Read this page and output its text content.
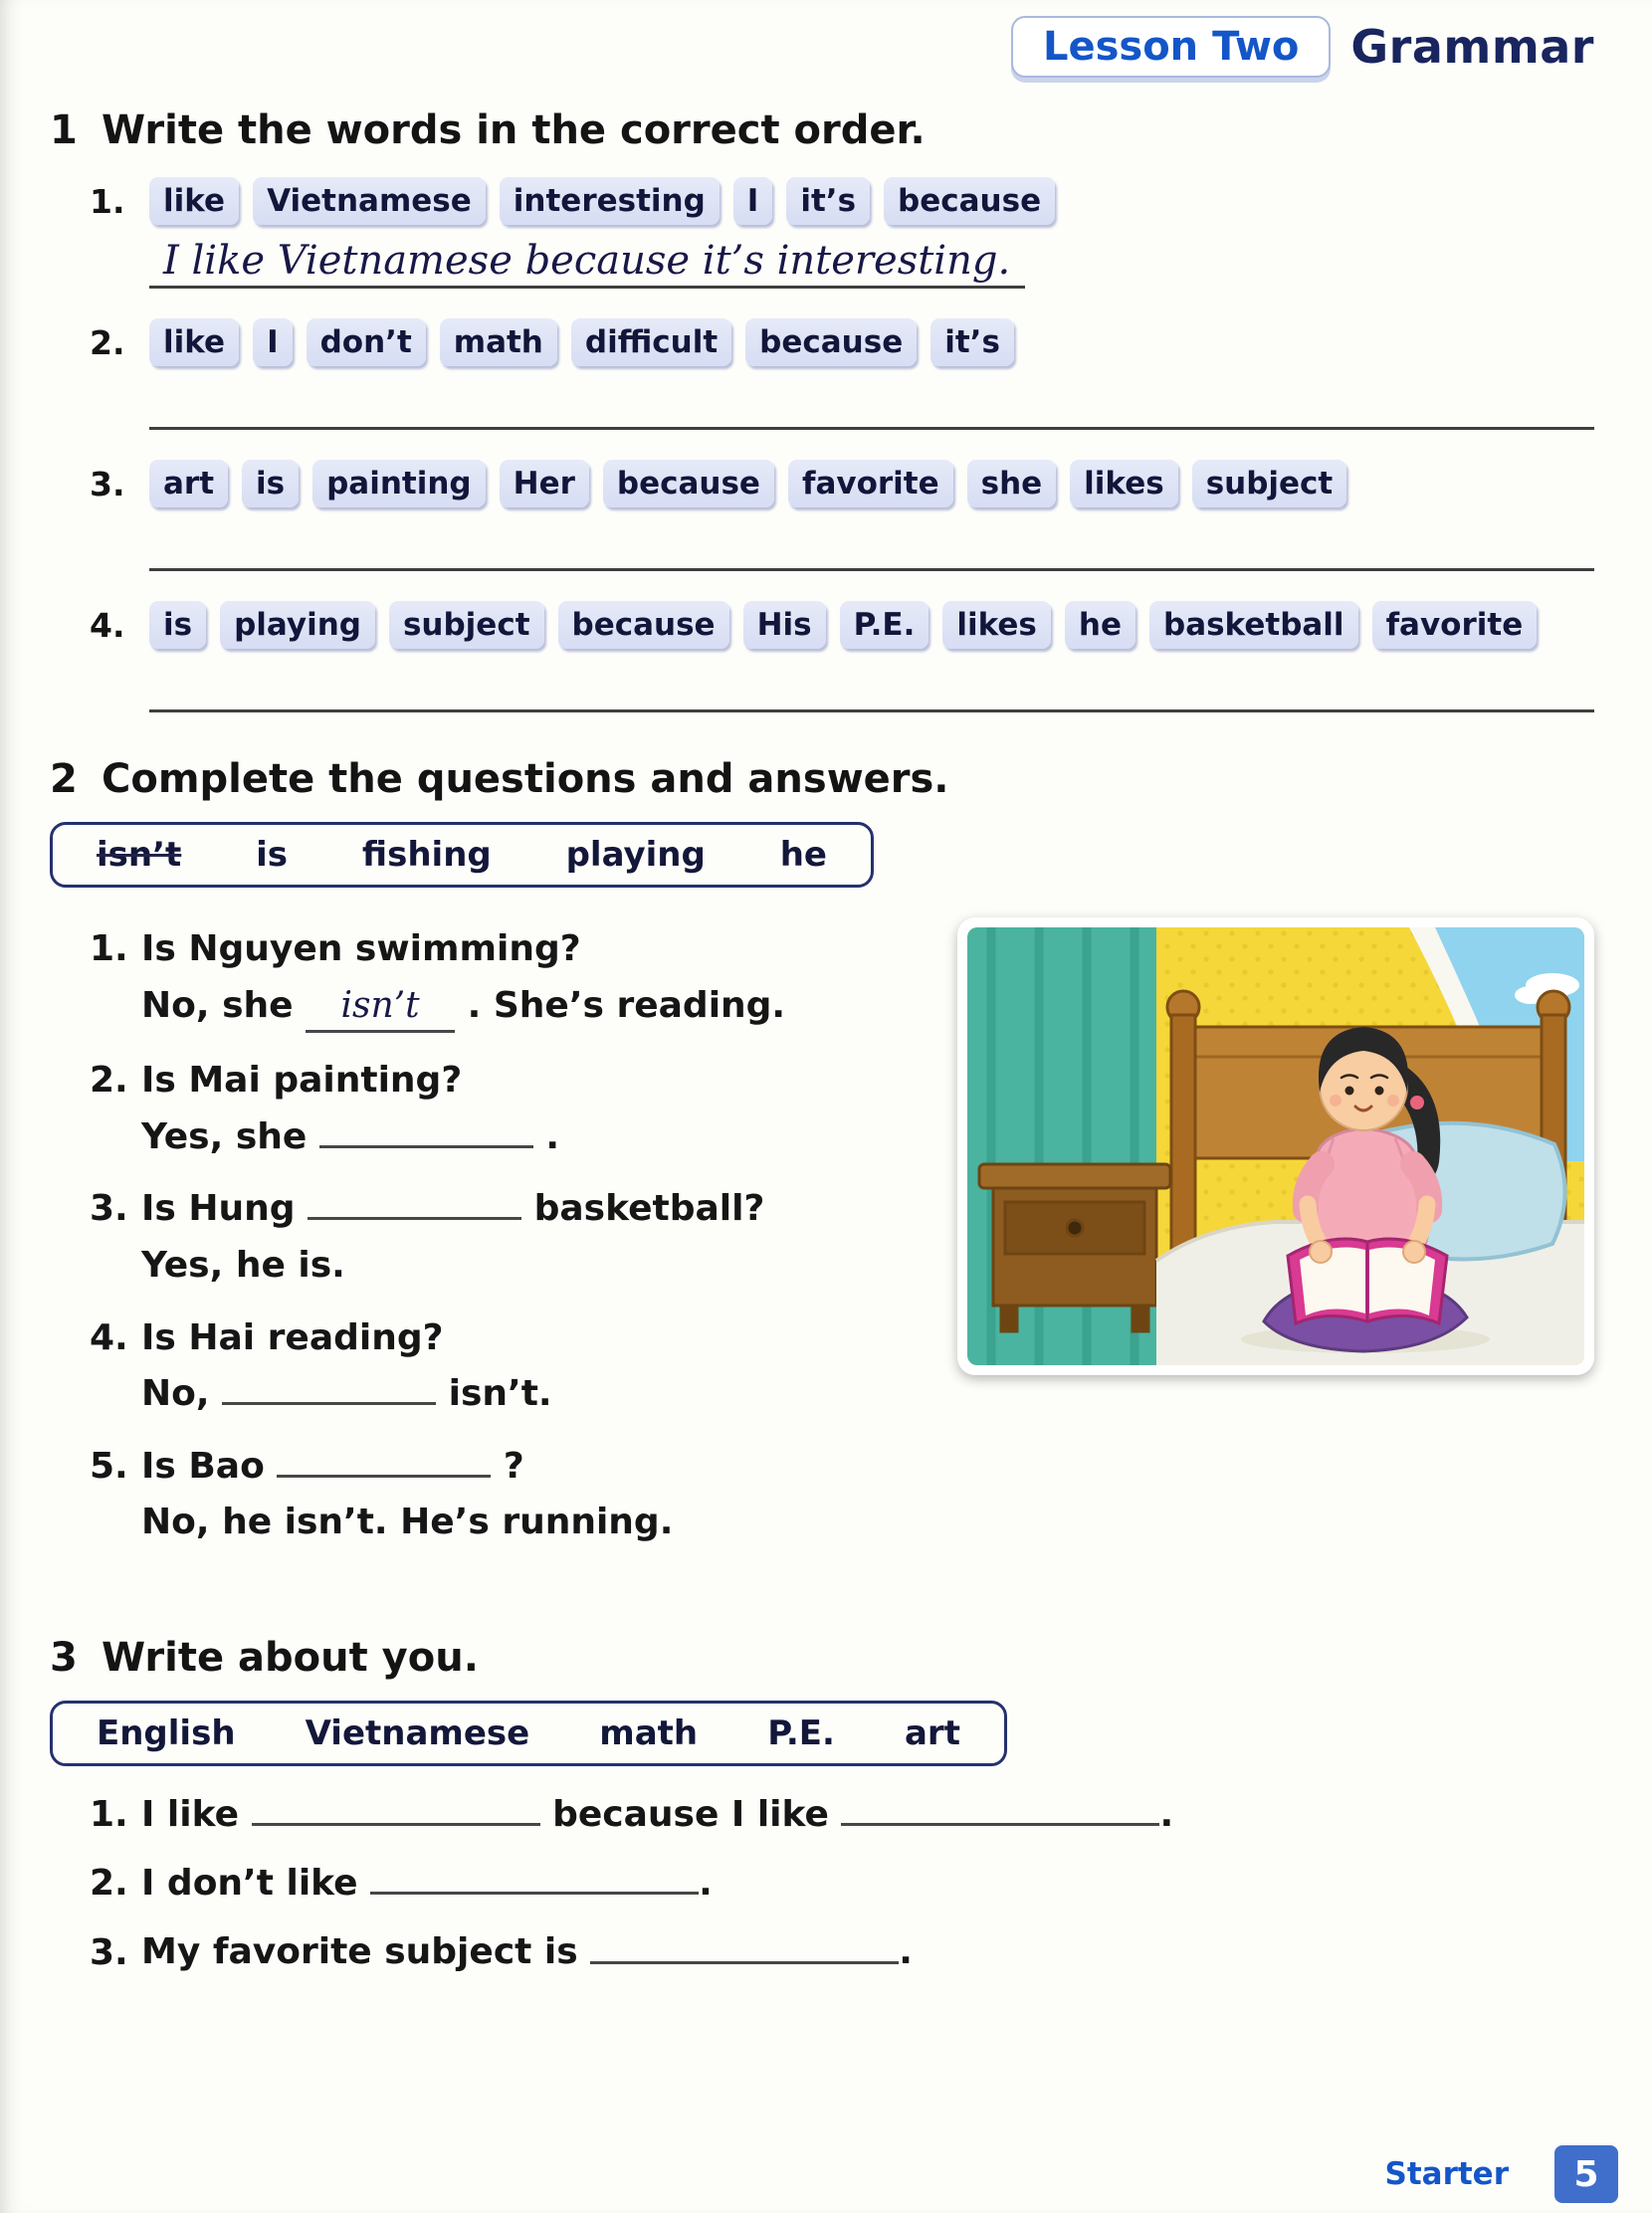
Lesson Two	Grammar
1 Write the words in the correct order.
1.	like	Vietnamese	interesting	I	it’s	because
I like Vietnamese because it’s interesting.
2.	like	I	don’t	math	difficult	because	it’s
3.	art	is	painting	Her	because	favorite	she	likes	subject
4.	is	playing	subject	because	His	P.E.	likes	he	basketball	favorite
2 Complete the questions and answers.
isn’t is fishing playing he
1. Is Nguyen swimming?
No, she isn’t . She’s reading.
2. Is Mai painting?
Yes, she	.
3. Is Hung	basketball?
Yes, he is.
4. Is Hai reading?
No,	isn’t.
5. Is Bao	?
No, he isn’t. He’s running.
3 Write about you.
English Vietnamese math P.E. art
1. I like	because I like	.
2. I don’t like	.
3. My favorite subject is	.
Starter	5
